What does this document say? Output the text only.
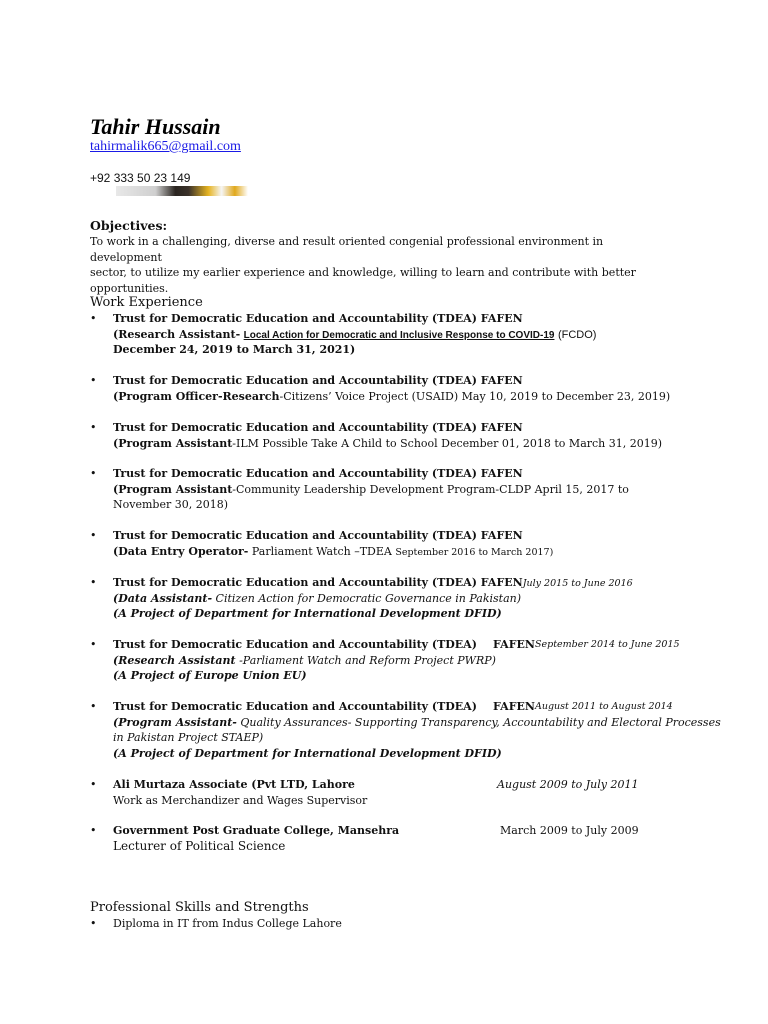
Tahir Hussain
tahirmalik665@gmail.com
+92 333 50 23 149
Objectives:
To work in a challenging, diverse and result oriented congenial professional environment in development
sector, to utilize my earlier experience and knowledge, willing to learn and contribute with better
opportunities.
Work Experience
•	Trust for Democratic Education and Accountability (TDEA) FAFEN
(Research Assistant- Local Action for Democratic and Inclusive Response to COVID-19 (FCDO)
December 24, 2019 to March 31, 2021)
•	Trust for Democratic Education and Accountability (TDEA) FAFEN
(Program Officer-Research-Citizens’ Voice Project (USAID) May 10, 2019 to December 23, 2019)
•	Trust for Democratic Education and Accountability (TDEA) FAFEN
(Program Assistant-ILM Possible Take A Child to School December 01, 2018 to March 31, 2019)
•	Trust for Democratic Education and Accountability (TDEA) FAFEN
(Program Assistant-Community Leadership Development Program-CLDP April 15, 2017 to
November 30, 2018)
•	Trust for Democratic Education and Accountability (TDEA) FAFEN
(Data Entry Operator- Parliament Watch –TDEA September 2016 to March 2017)
•	Trust for Democratic Education and Accountability (TDEA) FAFENJuly 2015 to June 2016
(Data Assistant- Citizen Action for Democratic Governance in Pakistan)
(A Project of Department for International Development DFID)
•	Trust for Democratic Education and Accountability (TDEA) FAFEN September 2014 to June 2015
(Research Assistant -Parliament Watch and Reform Project PWRP)
(A Project of Europe Union EU)
•	Trust for Democratic Education and Accountability (TDEA) FAFEN August 2011 to August 2014
(Program Assistant- Quality Assurances- Supporting Transparency, Accountability and Electoral Processes
in Pakistan Project STAEP)
(A Project of Department for International Development DFID)
•	Ali Murtaza Associate (Pvt LTD, Lahore	August 2009 to July 2011
Work as Merchandizer and Wages Supervisor
•	Government Post Graduate College, Mansehra	March 2009 to July 2009
Lecturer of Political Science
Professional Skills and Strengths
•	Diploma in IT from Indus College Lahore
